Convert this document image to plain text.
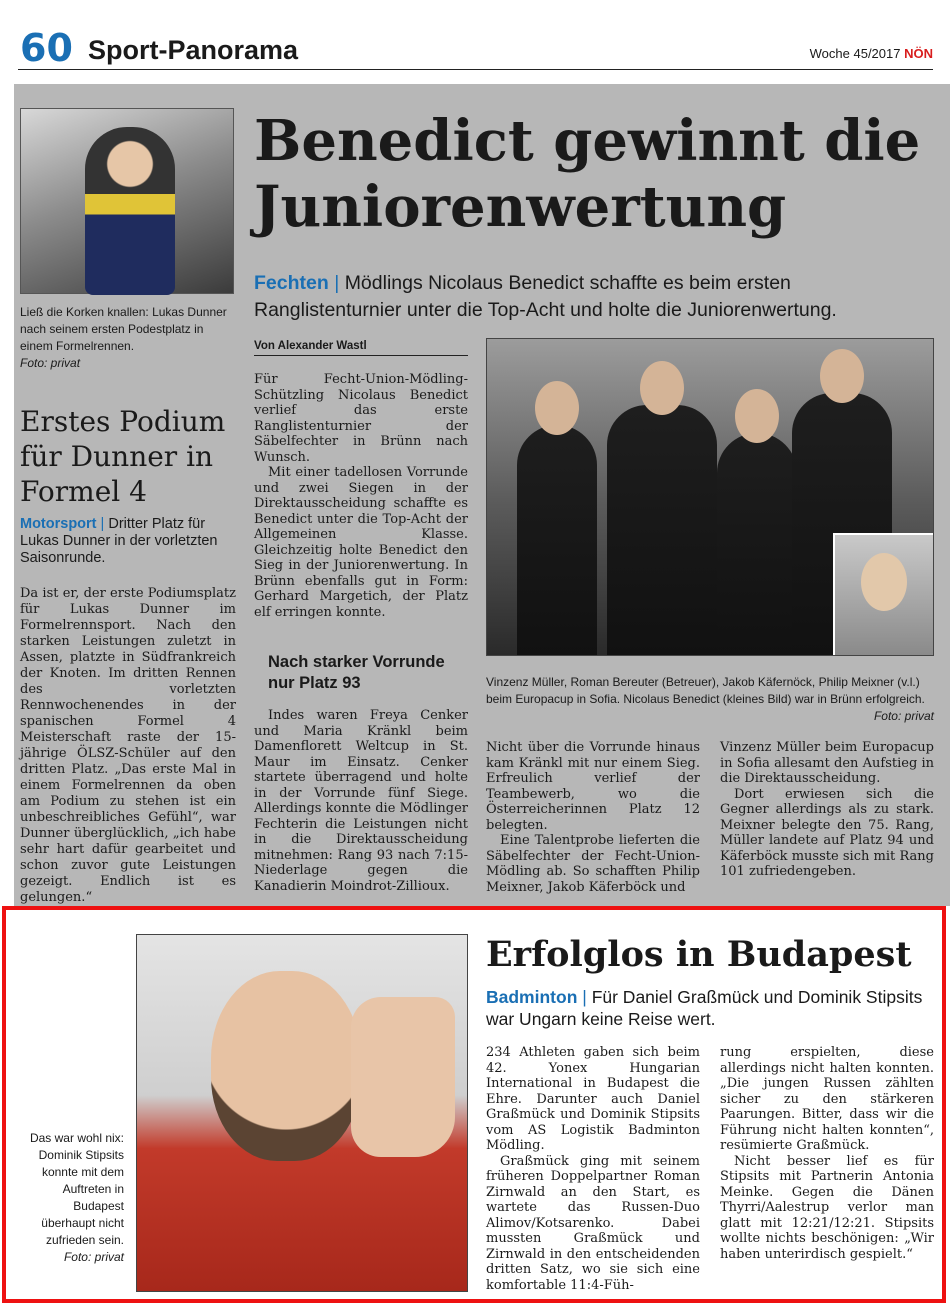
60 Sport-Panorama	Woche 45/2017 NÖN
Ließ die Korken knallen: Lukas Dunner nach seinem ersten Podestplatz in einem Formelrennen.
Foto: privat
Erstes Podium für Dunner in Formel 4
Motorsport | Dritter Platz für Lukas Dunner in der vorletzten Saisonrunde.

Da ist er, der erste Podiumsplatz für Lukas Dunner im Formelrennsport. Nach den starken Leistungen zuletzt in Assen, platzte in Südfrankreich der Knoten. Im dritten Rennen des vorletzten Rennwochenendes in der spanischen Formel 4 Meisterschaft raste der 15-jährige ÖLSZ-Schüler auf den dritten Platz. „Das erste Mal in einem Formelrennen da oben am Podium zu stehen ist ein unbeschreibliches Gefühl“, war Dunner überglücklich, „ich habe sehr hart dafür gearbeitet und schon zuvor gute Leistungen gezeigt. Endlich ist es gelungen.“

Benedict gewinnt die Juniorenwertung
Fechten | Mödlings Nicolaus Benedict schaffte es beim ersten Ranglistenturnier unter die Top-Acht und holte die Juniorenwertung.
Von Alexander Wastl

Für Fecht-Union-Mödling-Schützling Nicolaus Benedict verlief das erste Ranglistenturnier der Säbelfechter in Brünn nach Wunsch.

Mit einer tadellosen Vorrunde und zwei Siegen in der Direktausscheidung schaffte es Benedict unter die Top-Acht der Allgemeinen Klasse. Gleichzeitig holte Benedict den Sieg in der Juniorenwertung. In Brünn ebenfalls gut in Form: Gerhard Margetich, der Platz elf erringen konnte.

Nach starker Vorrunde nur Platz 93

Indes waren Freya Cenker und Maria Kränkl beim Damenflorett Weltcup in St. Maur im Einsatz. Cenker startete überragend und holte in der Vorrunde fünf Siege. Allerdings konnte die Mödlinger Fechterin die Leistungen nicht in die Direktausscheidung mitnehmen: Rang 93 nach 7:15-Niederlage gegen die Kanadierin Moindrot-Zillioux.

Vinzenz Müller, Roman Bereuter (Betreuer), Jakob Käfernöck, Philip Meixner (v.l.) beim Europacup in Sofia. Nicolaus Benedict (kleines Bild) war in Brünn erfolgreich.
Foto: privat

Nicht über die Vorrunde hinaus kam Kränkl mit nur einem Sieg. Erfreulich verlief der Teambewerb, wo die Österreicherinnen Platz 12 belegten.

Eine Talentprobe lieferten die Säbelfechter der Fecht-Union-Mödling ab. So schafften Philip Meixner, Jakob Käferböck und

Vinzenz Müller beim Europacup in Sofia allesamt den Aufstieg in die Direktausscheidung.

Dort erwiesen sich die Gegner allerdings als zu stark. Meixner belegte den 75. Rang, Müller landete auf Platz 94 und Käferböck musste sich mit Rang 101 zufriedengeben.

Das war wohl nix: Dominik Stipsits konnte mit dem Auftreten in Budapest überhaupt nicht zufrieden sein.
Foto: privat
Erfolglos in Budapest
Badminton | Für Daniel Graßmück und Dominik Stipsits war Ungarn keine Reise wert.

234 Athleten gaben sich beim 42. Yonex Hungarian International in Budapest die Ehre. Darunter auch Daniel Graßmück und Dominik Stipsits vom AS Logistik Badminton Mödling.

Graßmück ging mit seinem früheren Doppelpartner Roman Zirnwald an den Start, es wartete das Russen-Duo Alimov/Kotsarenko. Dabei mussten Graßmück und Zirnwald in den entscheidenden dritten Satz, wo sie sich eine komfortable 11:4-Füh-

rung erspielten, diese allerdings nicht halten konnten. „Die jungen Russen zählten sicher zu den stärkeren Paarungen. Bitter, dass wir die Führung nicht halten konnten“, resümierte Graßmück.

Nicht besser lief es für Stipsits mit Partnerin Antonia Meinke. Gegen die Dänen Thyrri/Aalestrup verlor man glatt mit 12:21/12:21. Stipsits wollte nichts beschönigen: „Wir haben unterirdisch gespielt.“
